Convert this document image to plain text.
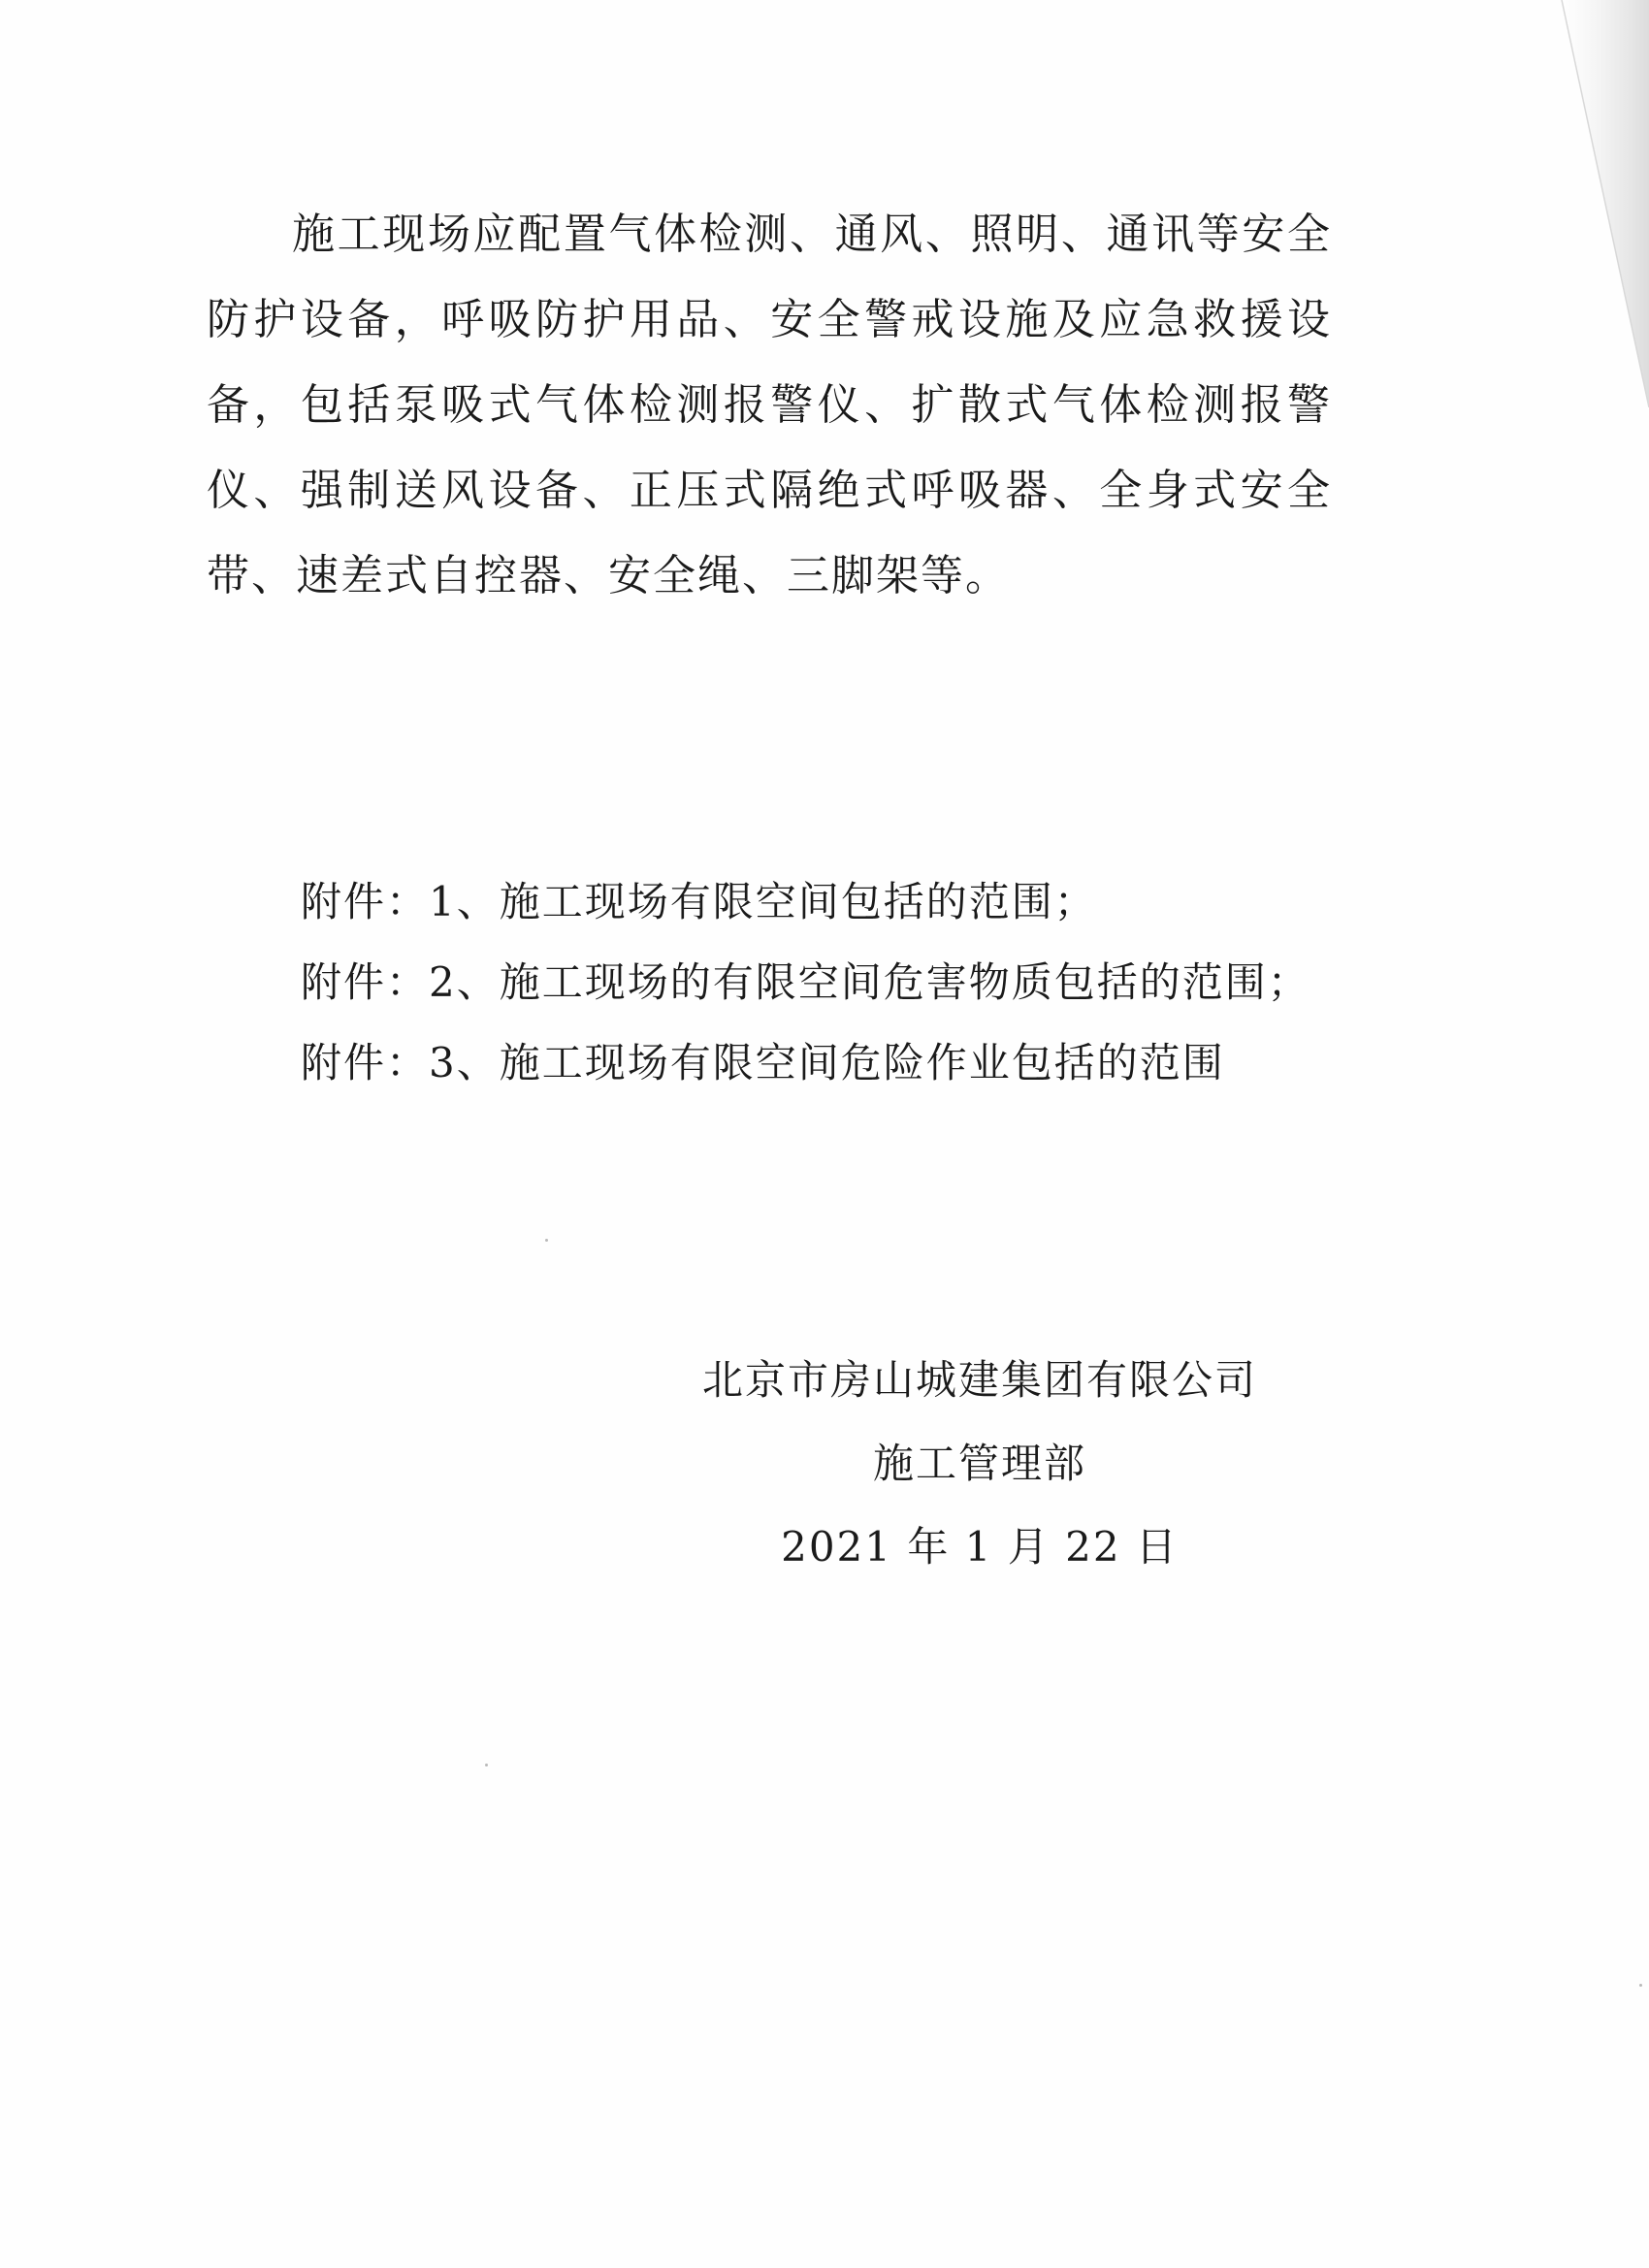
施工现场应配置气体检测、通风、照明、通讯等安全防护设备，呼吸防护用品、安全警戒设施及应急救援设备，包括泵吸式气体检测报警仪、扩散式气体检测报警仪、强制送风设备、正压式隔绝式呼吸器、全身式安全带、速差式自控器、安全绳、三脚架等。

附件：1、施工现场有限空间包括的范围；
附件：2、施工现场的有限空间危害物质包括的范围；
附件：3、施工现场有限空间危险作业包括的范围
北京市房山城建集团有限公司
施工管理部
2021 年 1 月 22 日
